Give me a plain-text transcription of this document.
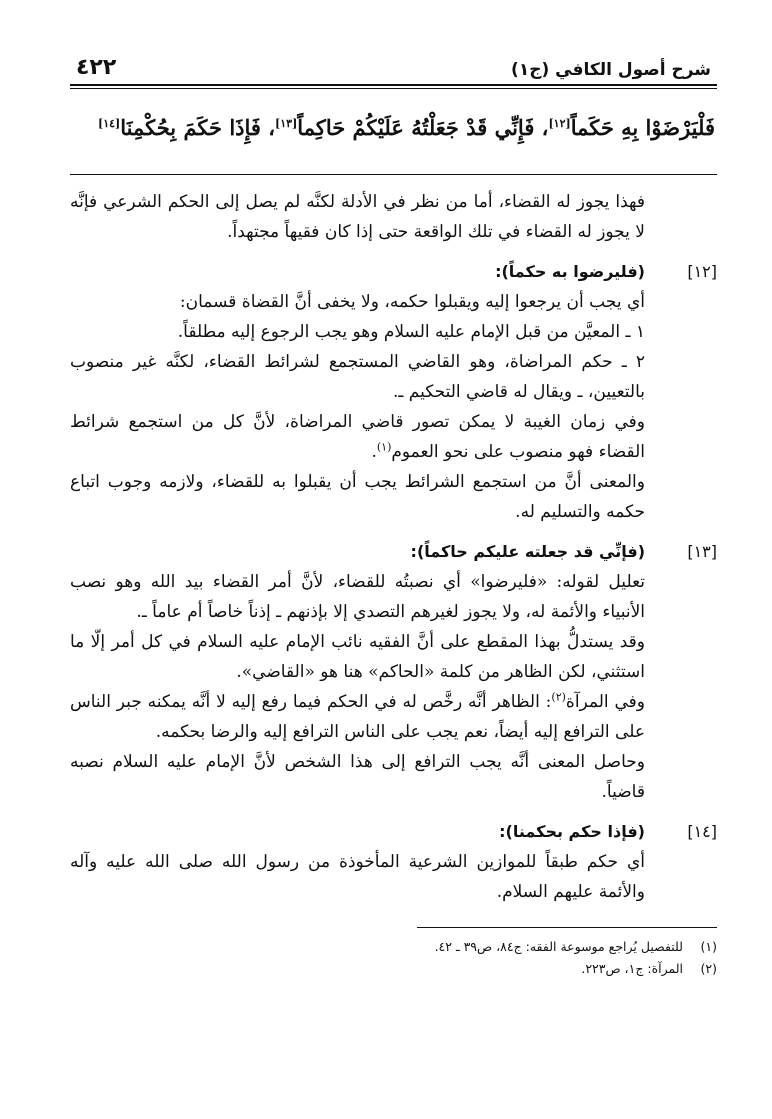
شرح أصول الكافي (ج١)
٤٢٢
فَلْيَرْضَوْا بِهِ حَكَماً[١٢]، فَإِنِّي قَدْ جَعَلْتُهُ عَلَيْكُمْ حَاكِماً[١٣]، فَإِذَا حَكَمَ بِحُكْمِنَا[١٤]

فهذا يجوز له القضاء، أما من نظر في الأدلة لكنَّه لم يصل إلى الحكم الشرعي فإنَّه لا يجوز له القضاء في تلك الواقعة حتى إذا كان فقيهاً مجتهداً.

[١٢]

(فليرضوا به حكماً):

أي يجب أن يرجعوا إليه ويقبلوا حكمه، ولا يخفى أنَّ القضاة قسمان:

١ ـ المعيَّن من قبل الإمام عليه السلام وهو يجب الرجوع إليه مطلقاً.

٢ ـ حكم المراضاة، وهو القاضي المستجمع لشرائط القضاء، لكنَّه غير منصوب بالتعيين، ـ ويقال له قاضي التحكيم ـ.

وفي زمان الغيبة لا يمكن تصور قاضي المراضاة، لأنَّ كل من استجمع شرائط القضاء فهو منصوب على نحو العموم$^{(١)}$.

والمعنى أنَّ من استجمع الشرائط يجب أن يقبلوا به للقضاء، ولازمه وجوب اتباع حكمه والتسليم له.

[١٣]

(فإنِّي قد جعلته عليكم حاكماً):

تعليل لقوله: «فليرضوا» أي نصبتُه للقضاء، لأنَّ أمر القضاء بيد الله وهو نصب الأنبياء والأئمة له، ولا يجوز لغيرهم التصدي إلا بإذنهم ـ إذناً خاصاً أم عاماً ـ.

وقد يستدلُّ بهذا المقطع على أنَّ الفقيه نائب الإمام عليه السلام في كل أمر إلّا ما استثني، لكن الظاهر من كلمة «الحاكم» هنا هو «القاضي».

وفي المرآة$^{(٢)}$: الظاهر أنَّه رخَّص له في الحكم فيما رفع إليه لا أنَّه يمكنه جبر الناس على الترافع إليه أيضاً، نعم يجب على الناس الترافع إليه والرضا بحكمه.

وحاصل المعنى أنَّه يجب الترافع إلى هذا الشخص لأنَّ الإمام عليه السلام نصبه قاضياً.

[١٤]

(فإذا حكم بحكمنا):

أي حكم طبقاً للموازين الشرعية المأخوذة من رسول الله صلى الله عليه وآله والأئمة عليهم السلام.

(١)
للتفصيل يُراجع موسوعة الفقه: ج٨٤، ص٣٩ ـ ٤٢.
(٢)
المرآة: ج١، ص٢٢٣.
